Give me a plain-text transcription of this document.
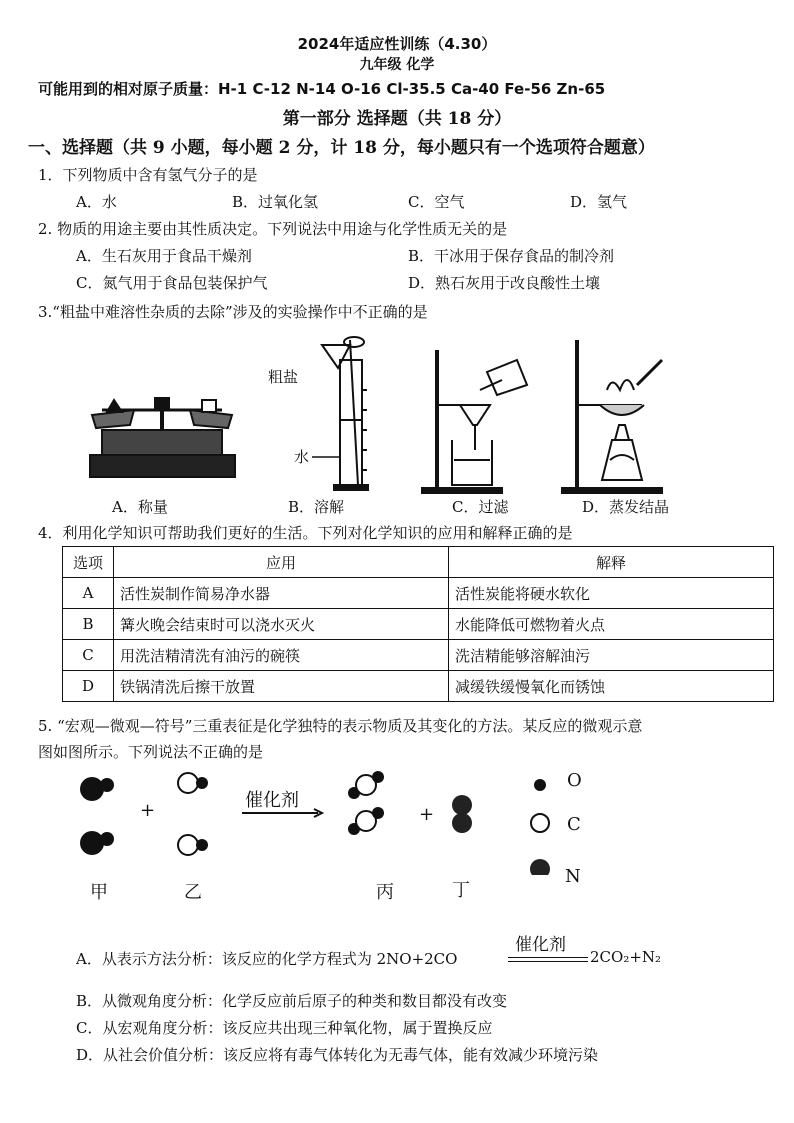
2024年适应性训练（4.30）
九年级 化学
可能用到的相对原子质量：H-1 C-12 N-14 O-16 Cl-35.5 Ca-40 Fe-56 Zn-65
第一部分 选择题（共 18 分）
一、选择题（共 9 小题，每小题 2 分，计 18 分，每小题只有一个选项符合题意）
1．下列物质中含有氢气分子的是
A．水	B．过氧化氢	C．空气	D．氢气
2. 物质的用途主要由其性质决定。下列说法中用途与化学性质无关的是
A．生石灰用于食品干燥剂	B．干冰用于保存食品的制冷剂
C．氮气用于食品包装保护气	D．熟石灰用于改良酸性土壤
3.“粗盐中难溶性杂质的去除”涉及的实验操作中不正确的是
粗盐
水
A．称量	B．溶解	C．过滤	D．蒸发结晶
4．利用化学知识可帮助我们更好的生活。下列对化学知识的应用和解释正确的是
选项	应用	解释
A	活性炭制作简易净水器	活性炭能将硬水软化
B	篝火晚会结束时可以浇水灭火	水能降低可燃物着火点
C	用洗洁精清洗有油污的碗筷	洗洁精能够溶解油污
D	铁锅清洗后擦干放置	减缓铁缓慢氧化而锈蚀
5. “宏观—微观—符号”三重表征是化学独特的表示物质及其变化的方法。某反应的微观示意
图如图所示。下列说法不正确的是
+	+
催化剂
O
C
N
甲	乙	丙	丁
A．从表示方法分析：该反应的化学方程式为 2NO+2CO
催化剂
2CO₂+N₂
B．从微观角度分析：化学反应前后原子的种类和数目都没有改变
C．从宏观角度分析：该反应共出现三种氧化物，属于置换反应
D．从社会价值分析：该反应将有毒气体转化为无毒气体，能有效减少环境污染
